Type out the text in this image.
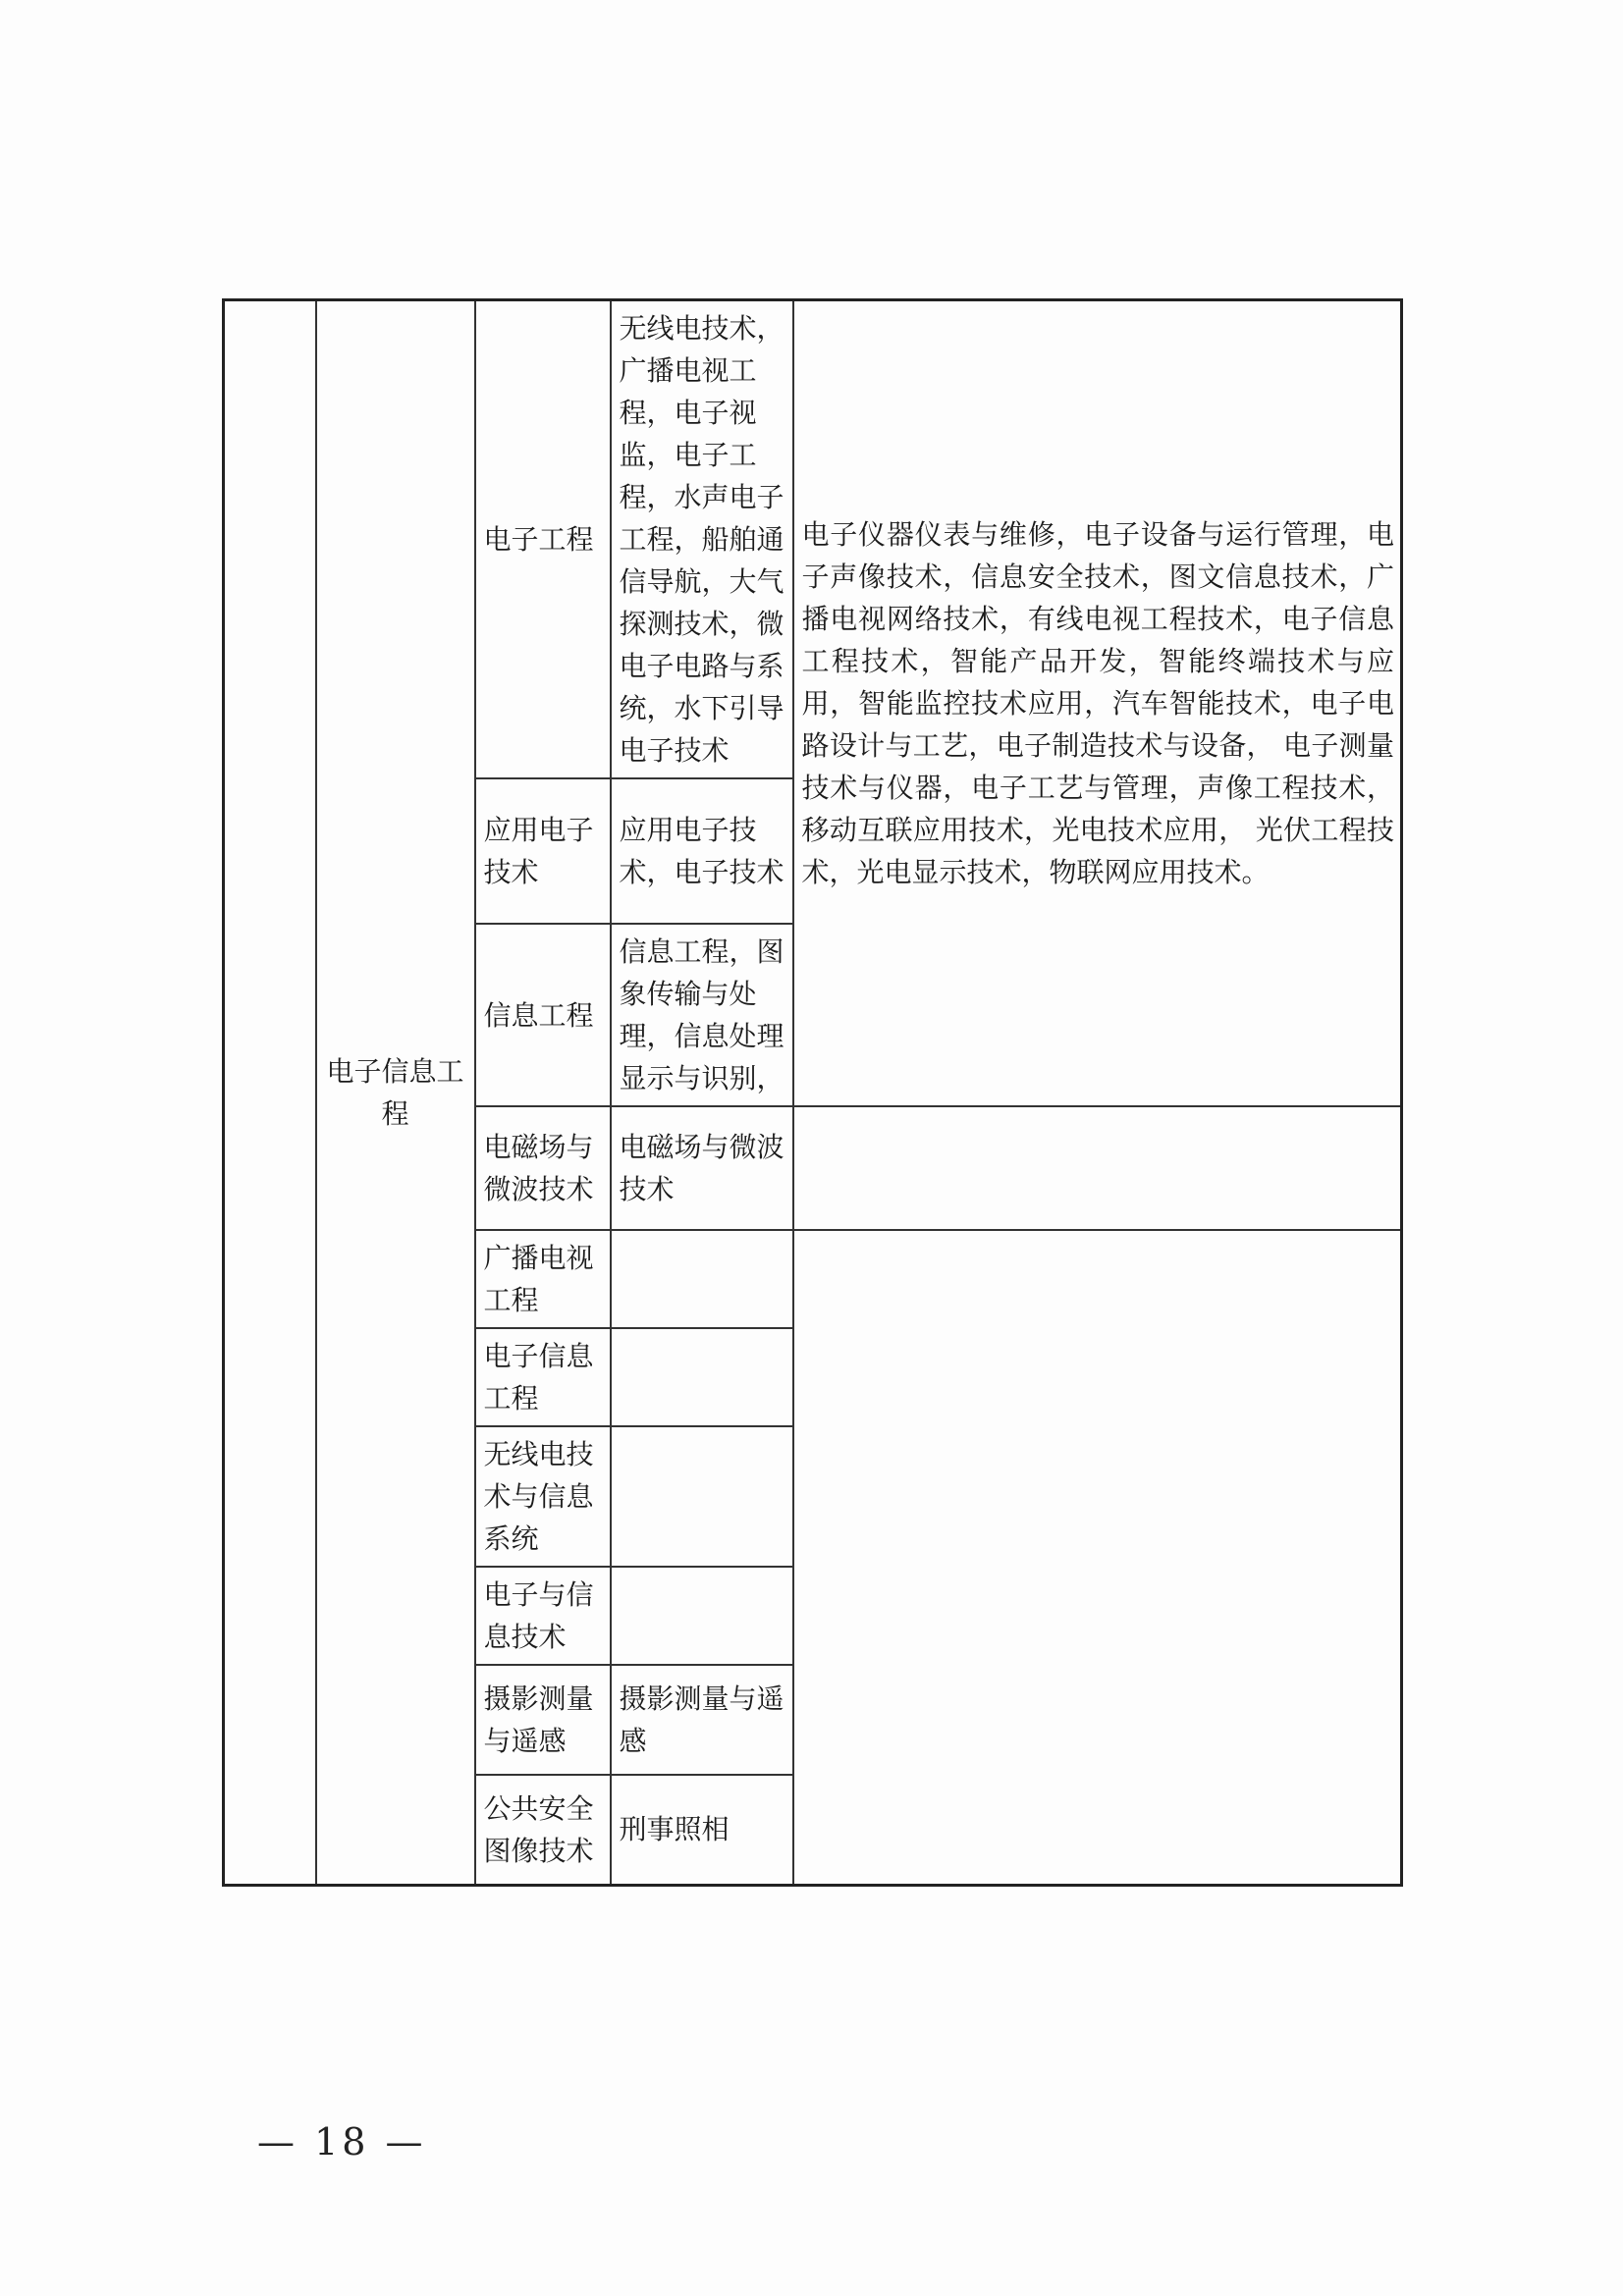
	电子信息工程	电子工程	无线电技术，广播电视工程，电子视监，电子工程，水声电子工程，船舶通信导航，大气探测技术，微电子电路与系统，水下引导电子技术	电子仪器仪表与维修，电子设备与运行管理，电子声像技术，信息安全技术，图文信息技术，广播电视网络技术，有线电视工程技术，电子信息工程技术，智能产品开发，智能终端技术与应用，智能监控技术应用，汽车智能技术，电子电路设计与工艺，电子制造技术与设备， 电子测量技术与仪器，电子工艺与管理，声像工程技术，移动互联应用技术，光电技术应用， 光伏工程技术，光电显示技术，物联网应用技术。
		应用电子技术	应用电子技术，电子技术	
		信息工程	信息工程，图象传输与处理，信息处理显示与识别，	
		电磁场与微波技术	电磁场与微波技术	
		广播电视工程		
		电子信息工程		
		无线电技术与信息系统		
		电子与信息技术		
		摄影测量与遥感	摄影测量与遥感	
		公共安全图像技术	刑事照相	
— 18 —
